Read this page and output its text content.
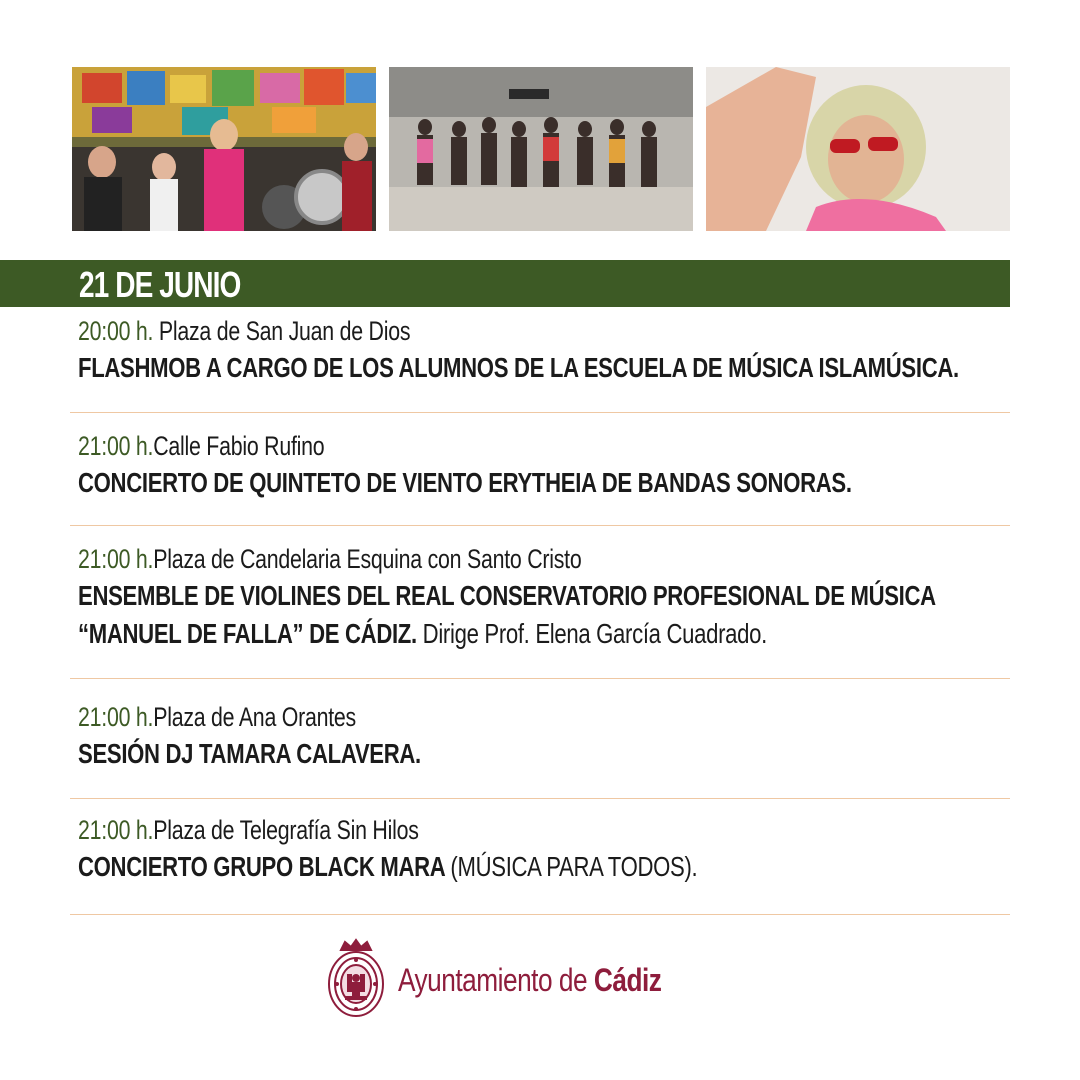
21 DE JUNIO
20:00 h. Plaza de San Juan de Dios
FLASHMOB A CARGO DE LOS ALUMNOS DE LA ESCUELA DE MÚSICA ISLAMÚSICA.
21:00 h.Calle Fabio Rufino
CONCIERTO DE QUINTETO DE VIENTO ERYTHEIA DE BANDAS SONORAS.
21:00 h.Plaza de Candelaria Esquina con Santo Cristo
ENSEMBLE DE VIOLINES DEL REAL CONSERVATORIO PROFESIONAL DE MÚSICA
“MANUEL DE FALLA” DE CÁDIZ. Dirige Prof. Elena García Cuadrado.
21:00 h.Plaza de Ana Orantes
SESIÓN DJ TAMARA CALAVERA.
21:00 h.Plaza de Telegrafía Sin Hilos
CONCIERTO GRUPO BLACK MARA (MÚSICA PARA TODOS).
Ayuntamiento de Cádiz
